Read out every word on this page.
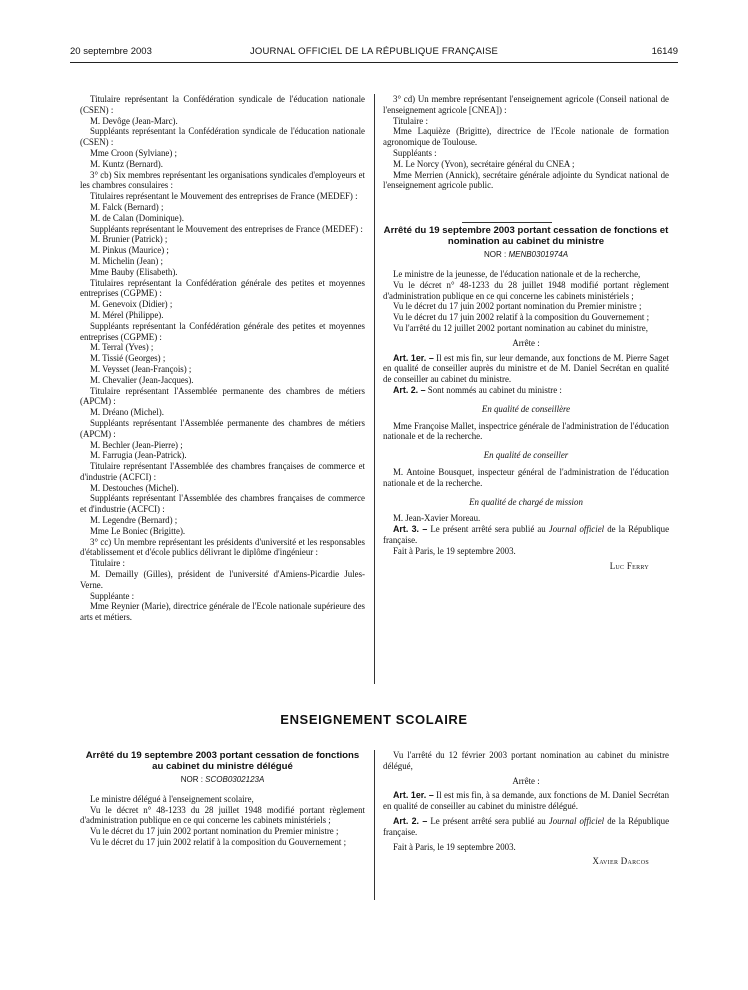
20 septembre 2003	JOURNAL OFFICIEL DE LA RÉPUBLIQUE FRANÇAISE	16149

Titulaire représentant la Confédération syndicale de l'éducation nationale (CSEN) :

M. Devôge (Jean-Marc).

Suppléants représentant la Confédération syndicale de l'éducation nationale (CSEN) :

Mme Croon (Sylviane) ;

M. Kuntz (Bernard).

3° cb) Six membres représentant les organisations syndicales d'employeurs et les chambres consulaires :

Titulaires représentant le Mouvement des entreprises de France (MEDEF) :

M. Falck (Bernard) ;

M. de Calan (Dominique).

Suppléants représentant le Mouvement des entreprises de France (MEDEF) :

M. Brunier (Patrick) ;

M. Pinkus (Maurice) ;

M. Michelin (Jean) ;

Mme Bauby (Elisabeth).

Titulaires représentant la Confédération générale des petites et moyennes entreprises (CGPME) :

M. Genevoix (Didier) ;

M. Mérel (Philippe).

Suppléants représentant la Confédération générale des petites et moyennes entreprises (CGPME) :

M. Terral (Yves) ;

M. Tissié (Georges) ;

M. Veysset (Jean-François) ;

M. Chevalier (Jean-Jacques).

Titulaire représentant l'Assemblée permanente des chambres de métiers (APCM) :

M. Dréano (Michel).

Suppléants représentant l'Assemblée permanente des chambres de métiers (APCM) :

M. Bechler (Jean-Pierre) ;

M. Farrugia (Jean-Patrick).

Titulaire représentant l'Assemblée des chambres françaises de commerce et d'industrie (ACFCI) :

M. Destouches (Michel).

Suppléants représentant l'Assemblée des chambres françaises de commerce et d'industrie (ACFCI) :

M. Legendre (Bernard) ;

Mme Le Boniec (Brigitte).

3° cc) Un membre représentant les présidents d'université et les responsables d'établissement et d'école publics délivrant le diplôme d'ingénieur :

Titulaire :

M. Demailly (Gilles), président de l'université d'Amiens-Picardie Jules-Verne.

Suppléante :

Mme Reynier (Marie), directrice générale de l'Ecole nationale supérieure des arts et métiers.

3° cd) Un membre représentant l'enseignement agricole (Conseil national de l'enseignement agricole [CNEA]) :

Titulaire :

Mme Laquièze (Brigitte), directrice de l'Ecole nationale de formation agronomique de Toulouse.

Suppléants :

M. Le Norcy (Yvon), secrétaire général du CNEA ;

Mme Merrien (Annick), secrétaire générale adjointe du Syndicat national de l'enseignement agricole public.

Arrêté du 19 septembre 2003 portant cessation de fonctions et nomination au cabinet du ministre
NOR : MENB0301974A

Le ministre de la jeunesse, de l'éducation nationale et de la recherche,

Vu le décret n° 48-1233 du 28 juillet 1948 modifié portant règlement d'administration publique en ce qui concerne les cabinets ministériels ;

Vu le décret du 17 juin 2002 portant nomination du Premier ministre ;

Vu le décret du 17 juin 2002 relatif à la composition du Gouvernement ;

Vu l'arrêté du 12 juillet 2002 portant nomination au cabinet du ministre,

Arrête :

Art. 1er. – Il est mis fin, sur leur demande, aux fonctions de M. Pierre Saget en qualité de conseiller auprès du ministre et de M. Daniel Secrétan en qualité de conseiller au cabinet du ministre.

Art. 2. – Sont nommés au cabinet du ministre :

En qualité de conseillère

Mme Françoise Mallet, inspectrice générale de l'administration de l'éducation nationale et de la recherche.

En qualité de conseiller

M. Antoine Bousquet, inspecteur général de l'administration de l'éducation nationale et de la recherche.

En qualité de chargé de mission

M. Jean-Xavier Moreau.

Art. 3. – Le présent arrêté sera publié au Journal officiel de la République française.

Fait à Paris, le 19 septembre 2003.

Luc Ferry
ENSEIGNEMENT SCOLAIRE
Arrêté du 19 septembre 2003 portant cessation de fonctions au cabinet du ministre délégué
NOR : SCOB0302123A

Le ministre délégué à l'enseignement scolaire,

Vu le décret n° 48-1233 du 28 juillet 1948 modifié portant règlement d'administration publique en ce qui concerne les cabinets ministériels ;

Vu le décret du 17 juin 2002 portant nomination du Premier ministre ;

Vu le décret du 17 juin 2002 relatif à la composition du Gouvernement ;

Vu l'arrêté du 12 février 2003 portant nomination au cabinet du ministre délégué,

Arrête :

Art. 1er. – Il est mis fin, à sa demande, aux fonctions de M. Daniel Secrétan en qualité de conseiller au cabinet du ministre délégué.

Art. 2. – Le présent arrêté sera publié au Journal officiel de la République française.

Fait à Paris, le 19 septembre 2003.

Xavier Darcos
